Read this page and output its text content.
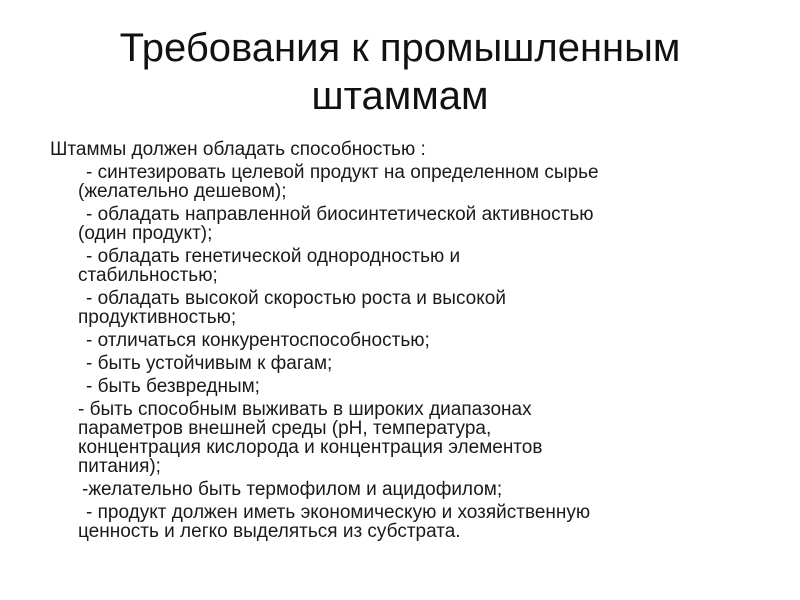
Требования к промышленным
штаммам
Штаммы должен обладать способностью :
- синтезировать целевой продукт на определенном сырье
(желательно дешевом);
- обладать направленной биосинтетической активностью
(один продукт);
- обладать генетической однородностью и
стабильностью;
- обладать высокой скоростью роста и высокой
продуктивностью;
- отличаться конкурентоспособностью;
- быть устойчивым к фагам;
- быть безвредным;
- быть способным выживать в широких диапазонах
параметров внешней среды (pH, температура,
концентрация кислорода и концентрация элементов
питания);
-желательно быть термофилом и ацидофилом;
- продукт должен иметь экономическую и хозяйственную
ценность и легко выделяться из субстрата.
